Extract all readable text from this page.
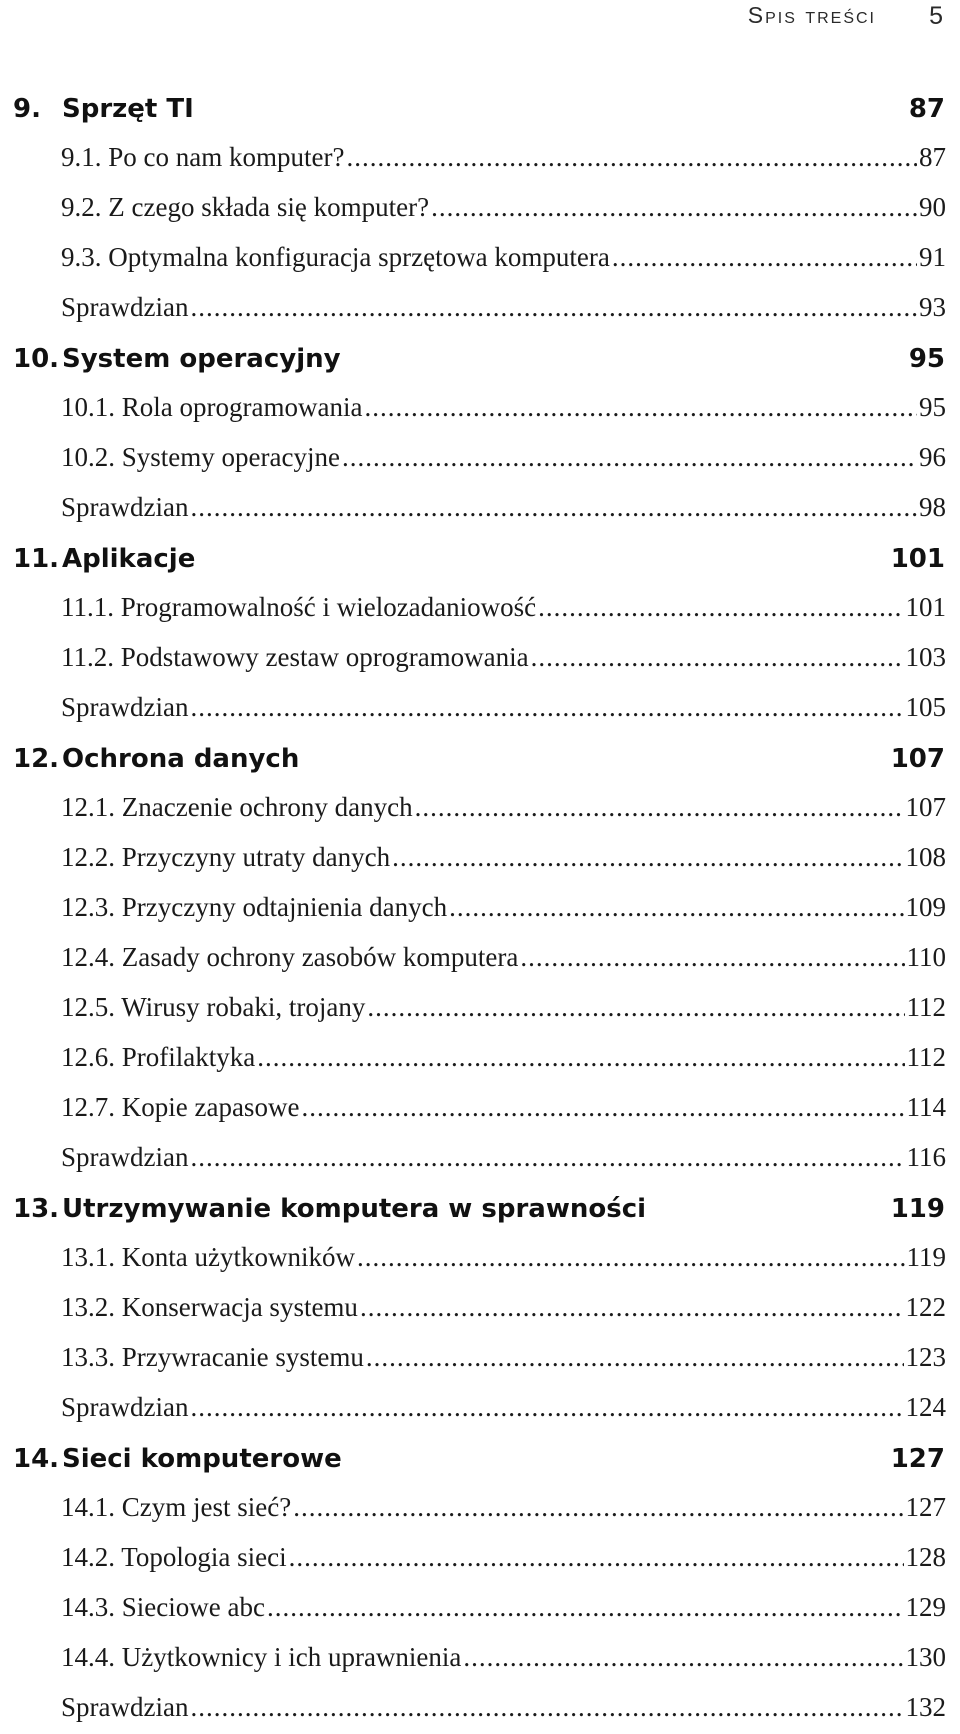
Spis treści 5
9. Sprzęt TI	87
9.1. Po co nam komputer? .....	87
9.2. Z czego składa się komputer? .....	90
9.3. Optymalna konfiguracja sprzętowa komputera .....	91
Sprawdzian .....	93
10. System operacyjny	95
10.1. Rola oprogramowania .....	95
10.2. Systemy operacyjne .....	96
Sprawdzian .....	98
11. Aplikacje	101
11.1. Programowalność i wielozadaniowość .....	101
11.2. Podstawowy zestaw oprogramowania .....	103
Sprawdzian .....	105
12. Ochrona danych	107
12.1. Znaczenie ochrony danych .....	107
12.2. Przyczyny utraty danych .....	108
12.3. Przyczyny odtajnienia danych .....	109
12.4. Zasady ochrony zasobów komputera .....	110
12.5. Wirusy robaki, trojany .....	112
12.6. Profilaktyka .....	112
12.7. Kopie zapasowe .....	114
Sprawdzian .....	116
13. Utrzymywanie komputera w sprawności	119
13.1. Konta użytkowników .....	119
13.2. Konserwacja systemu .....	122
13.3. Przywracanie systemu .....	123
Sprawdzian .....	124
14. Sieci komputerowe	127
14.1. Czym jest sieć? .....	127
14.2. Topologia sieci .....	128
14.3. Sieciowe abc .....	129
14.4. Użytkownicy i ich uprawnienia .....	130
Sprawdzian .....	132
